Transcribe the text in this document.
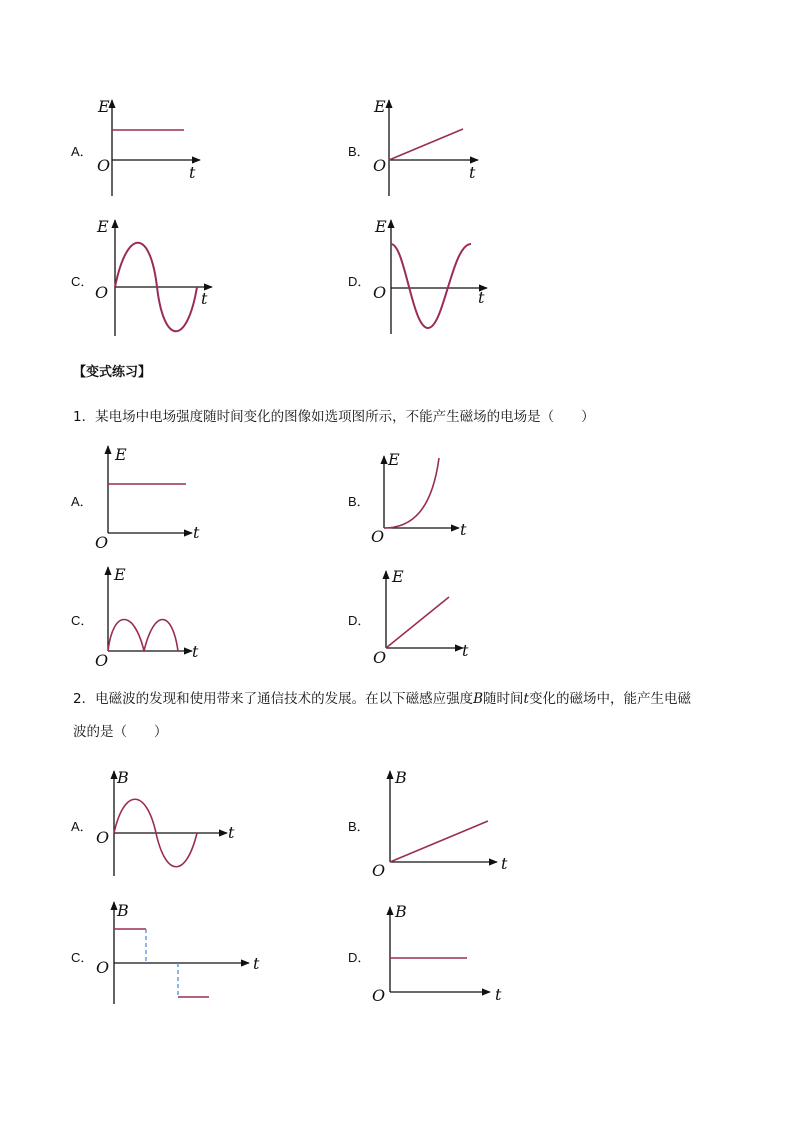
A．
E
t
O
B．
E
t
O
C．
E
t
O
D．
E
t
O
【变式练习】
1．某电场中电场强度随时间变化的图像如选项图所示，不能产生磁场的电场是（　　）
A．
E
t
O
B．
E
t
O
C．
E
t
O
D．
E
t
O
2．电磁波的发现和使用带来了通信技术的发展。在以下磁感应强度B随时间t变化的磁场中，能产生电磁
波的是（　　）
A．
B
t
O
B．
B
t
O
C．
B
t
O
D．
B
t
O
